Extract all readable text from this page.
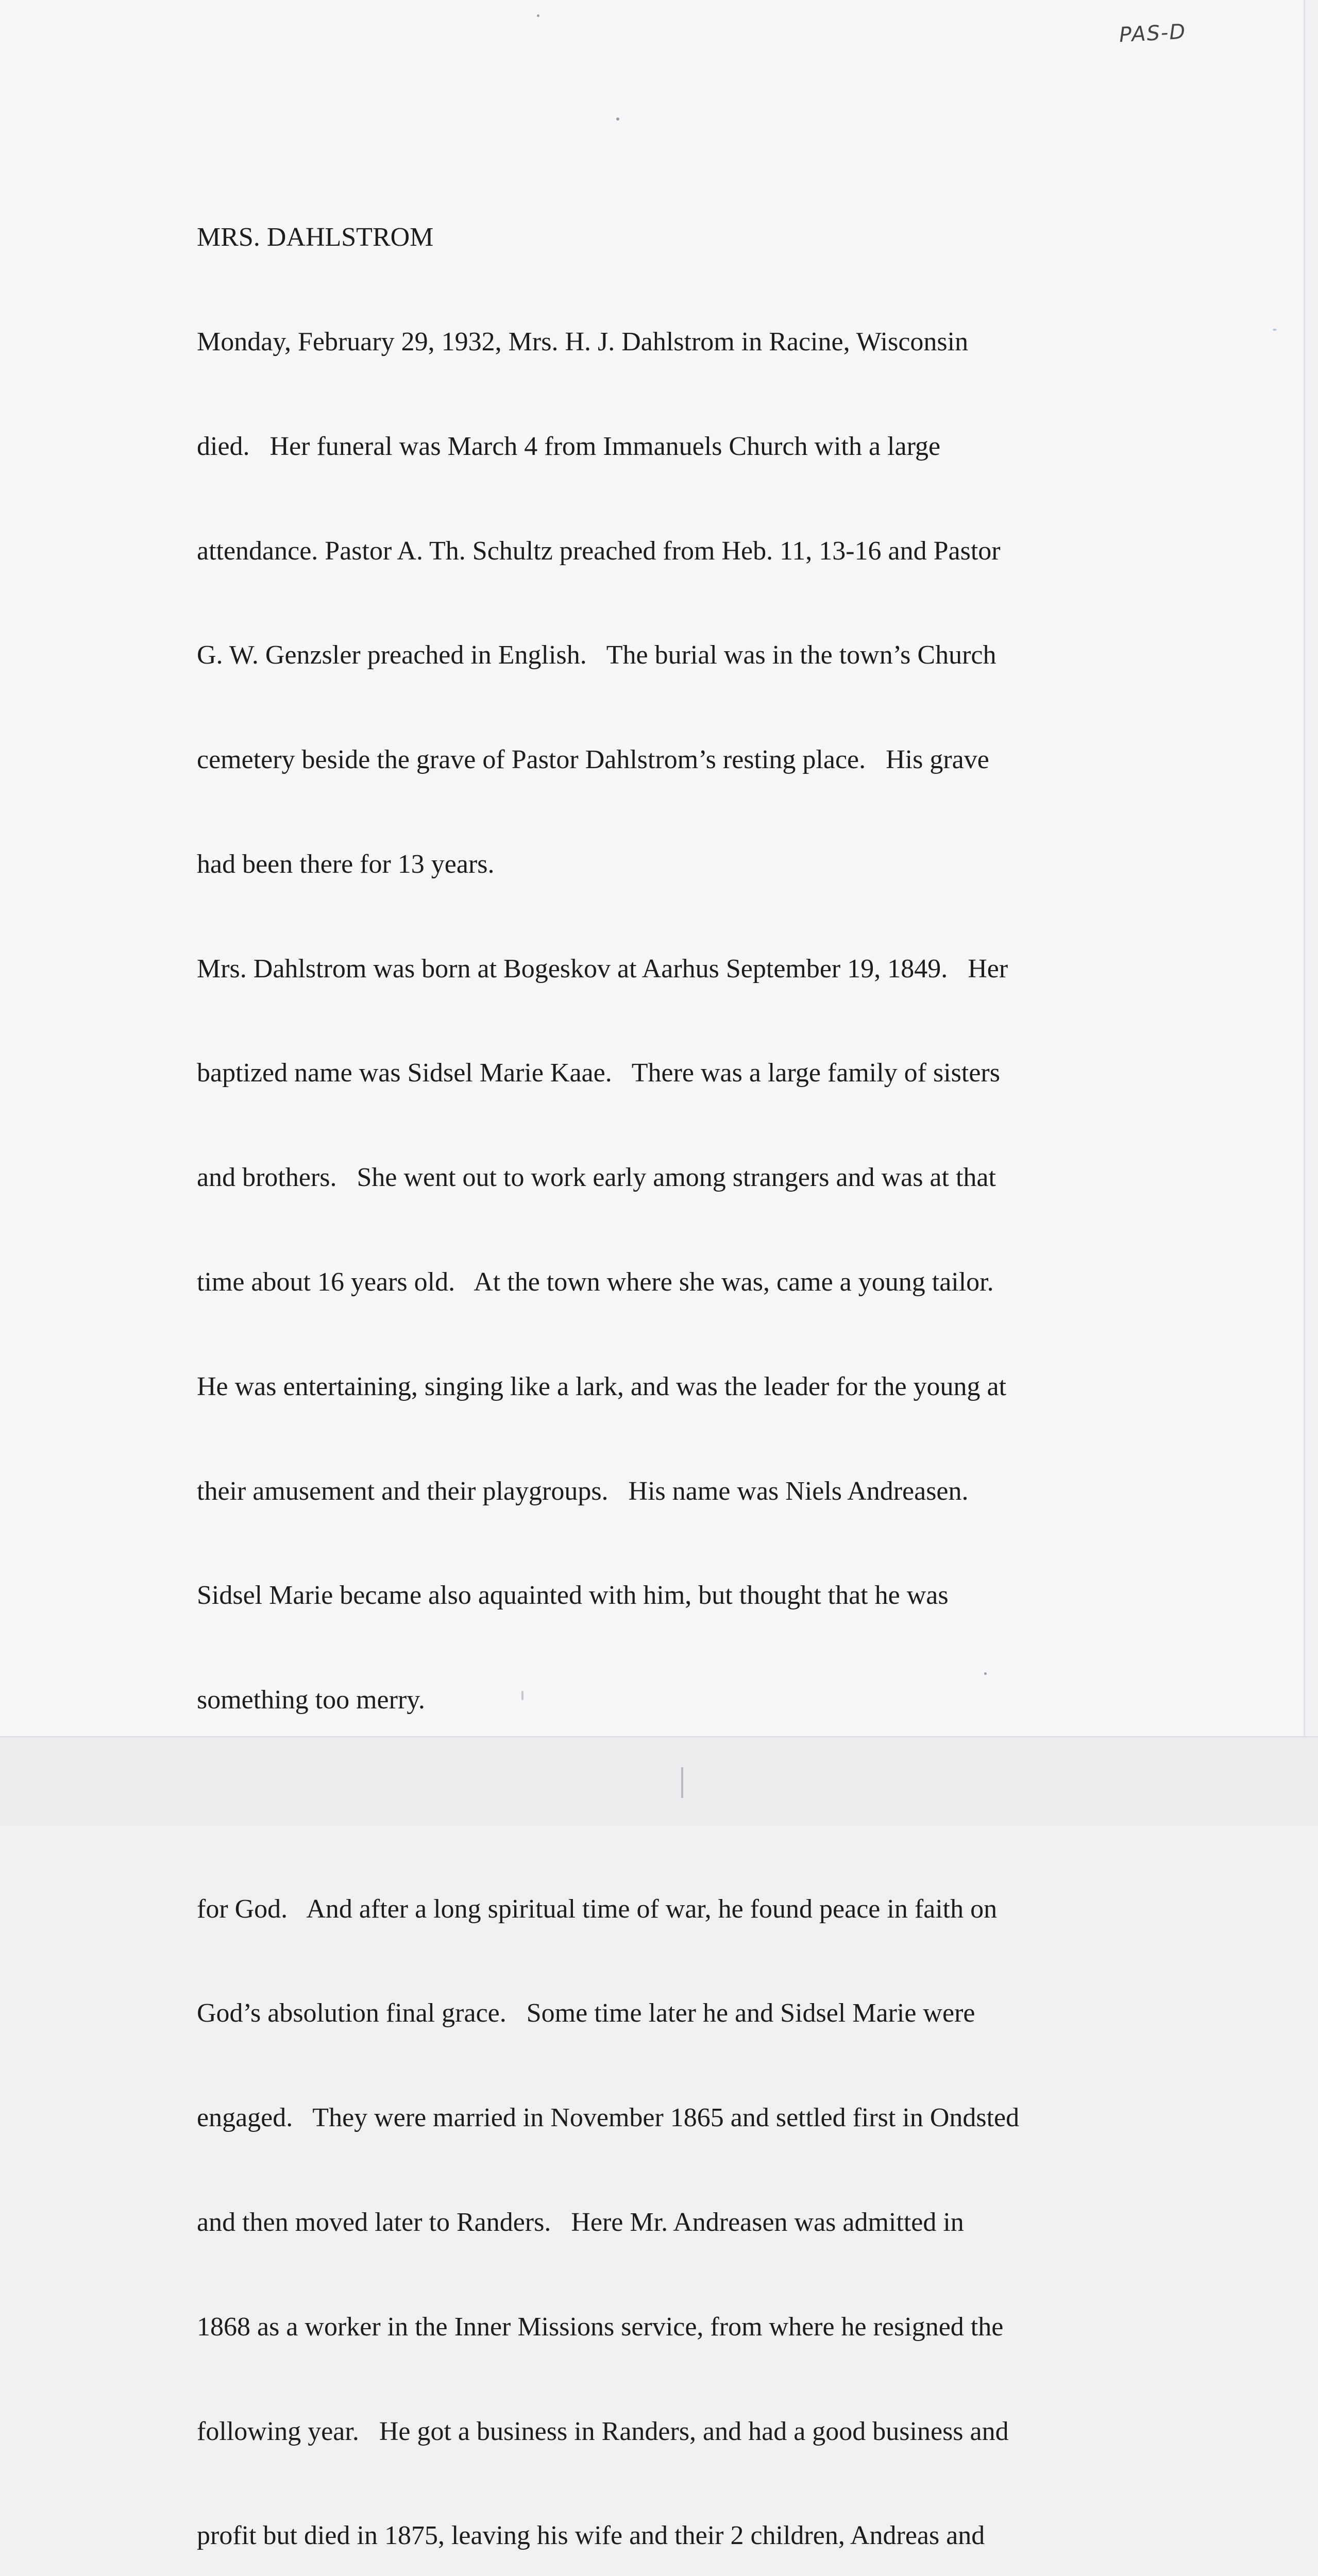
PAS-D

MRS. DAHLSTROM

Monday, February 29, 1932, Mrs. H. J. Dahlstrom in Racine, Wisconsin

died.   Her funeral was March 4 from Immanuels Church with a large

attendance. Pastor A. Th. Schultz preached from Heb. 11, 13-16 and Pastor

G. W. Genzsler preached in English.   The burial was in the town’s Church

cemetery beside the grave of Pastor Dahlstrom’s resting place.   His grave

had been there for 13 years.

Mrs. Dahlstrom was born at Bogeskov at Aarhus September 19, 1849.   Her

baptized name was Sidsel Marie Kaae.   There was a large family of sisters

and brothers.   She went out to work early among strangers and was at that

time about 16 years old.   At the town where she was, came a young tailor.

He was entertaining, singing like a lark, and was the leader for the young at

their amusement and their playgroups.   His name was Niels Andreasen.

Sidsel Marie became also aquainted with him, but thought that he was

something too merry.

for God.   And after a long spiritual time of war, he found peace in faith on

God’s absolution final grace.   Some time later he and Sidsel Marie were

engaged.   They were married in November 1865 and settled first in Ondsted

and then moved later to Randers.   Here Mr. Andreasen was admitted in

1868 as a worker in the Inner Missions service, from where he resigned the

following year.   He got a business in Randers, and had a good business and

profit but died in 1875, leaving his wife and their 2 children, Andreas and
